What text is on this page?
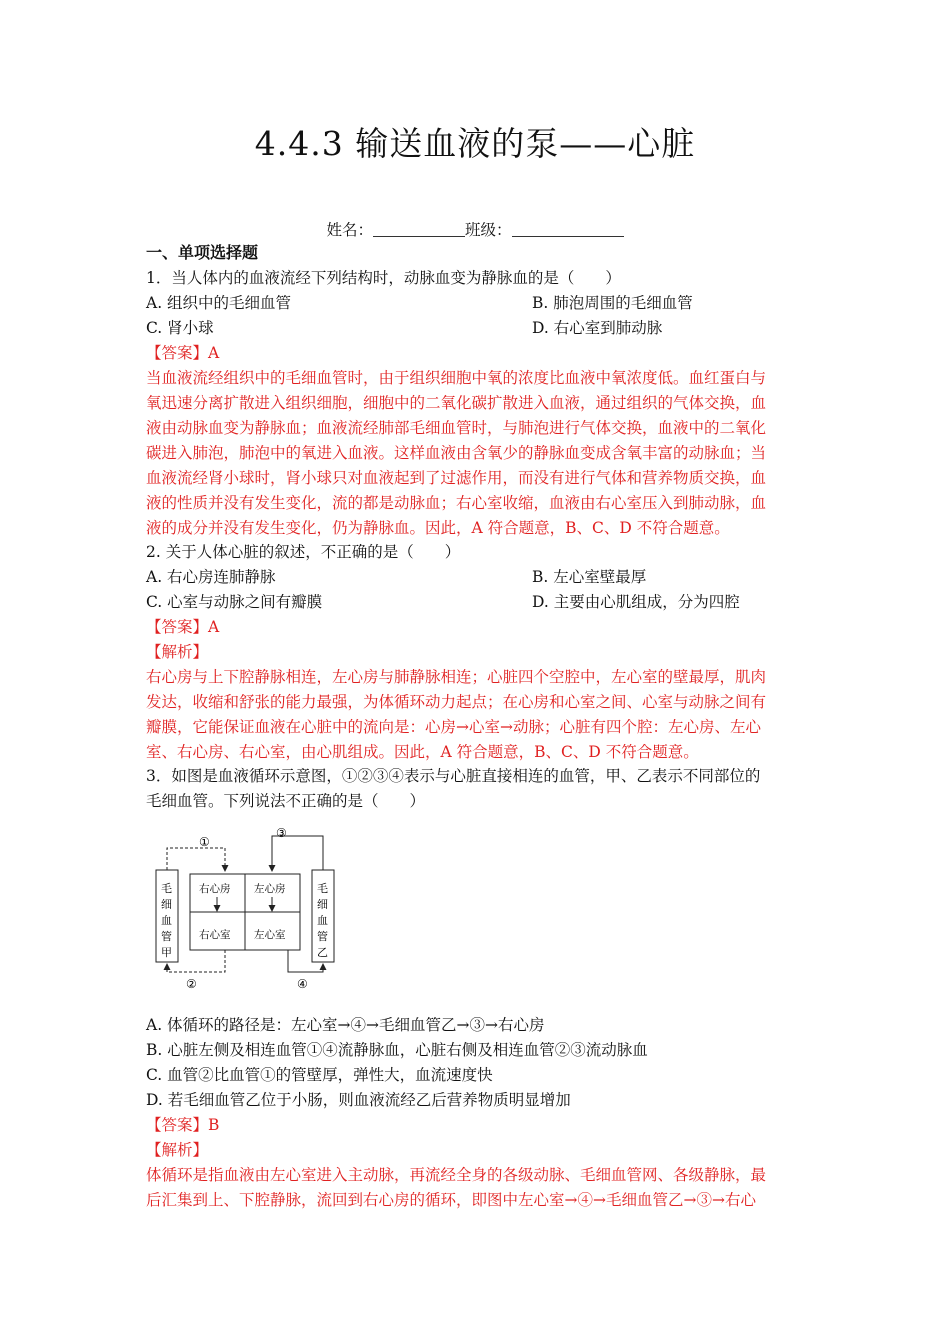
4.4.3 输送血液的泵——心脏
姓名：	班级：
一、单项选择题
1．当人体内的血液流经下列结构时，动脉血变为静脉血的是（　　）
A. 组织中的毛细血管	B. 肺泡周围的毛细血管
C. 肾小球	D. 右心室到肺动脉
【答案】A
当血液流经组织中的毛细血管时，由于组织细胞中氧的浓度比血液中氧浓度低。血红蛋白与
氧迅速分离扩散进入组织细胞，细胞中的二氧化碳扩散进入血液，通过组织的气体交换，血
液由动脉血变为静脉血；血液流经肺部毛细血管时，与肺泡进行气体交换，血液中的二氧化
碳进入肺泡，肺泡中的氧进入血液。这样血液由含氧少的静脉血变成含氧丰富的动脉血；当
血液流经肾小球时，肾小球只对血液起到了过滤作用，而没有进行气体和营养物质交换，血
液的性质并没有发生变化，流的都是动脉血；右心室收缩，血液由右心室压入到肺动脉，血
液的成分并没有发生变化，仍为静脉血。因此，A 符合题意，B、C、D 不符合题意。
2. 关于人体心脏的叙述，不正确的是（　　）
A. 右心房连肺静脉	B. 左心室壁最厚
C. 心室与动脉之间有瓣膜	D. 主要由心肌组成，分为四腔
【答案】A
【解析】
右心房与上下腔静脉相连，左心房与肺静脉相连；心脏四个空腔中，左心室的壁最厚，肌肉
发达，收缩和舒张的能力最强，为体循环动力起点；在心房和心室之间、心室与动脉之间有
瓣膜，它能保证血液在心脏中的流向是：心房→心室→动脉；心脏有四个腔：左心房、左心
室、右心房、右心室，由心肌组成。因此，A 符合题意，B、C、D 不符合题意。
3．如图是血液循环示意图，①②③④表示与心脏直接相连的血管，甲、乙表示不同部位的
毛细血管。下列说法不正确的是（　　）
①
③
②	④
右心房 左心房
右心室 左心室
毛
细
血
管
甲
毛
细
血
管
乙
A. 体循环的路径是：左心室→④→毛细血管乙→③→右心房
B. 心脏左侧及相连血管①④流静脉血，心脏右侧及相连血管②③流动脉血
C. 血管②比血管①的管壁厚，弹性大，血流速度快
D. 若毛细血管乙位于小肠，则血液流经乙后营养物质明显增加
【答案】B
【解析】
体循环是指血液由左心室进入主动脉，再流经全身的各级动脉、毛细血管网、各级静脉，最
后汇集到上、下腔静脉，流回到右心房的循环，即图中左心室→④→毛细血管乙→③→右心
